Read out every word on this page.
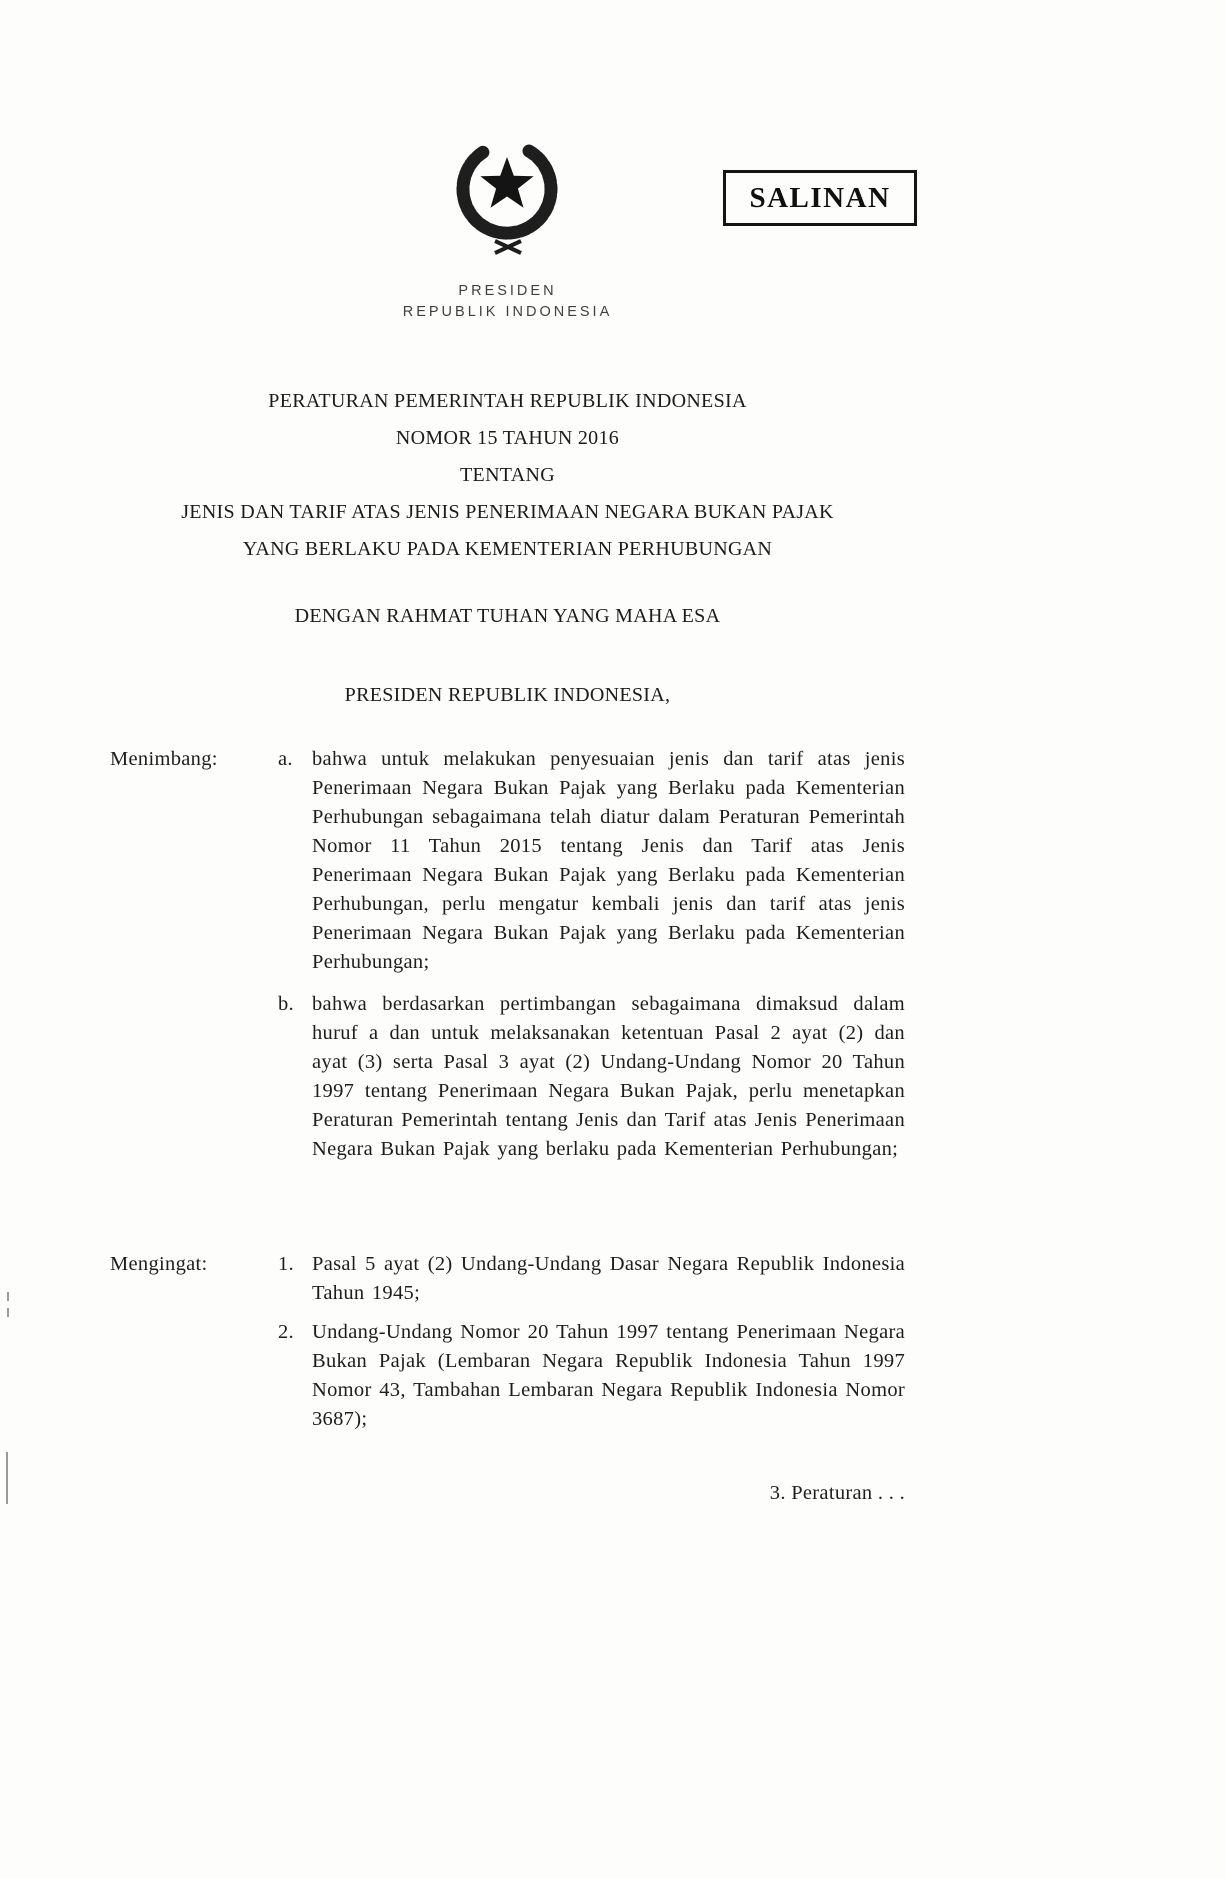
SALINAN
PRESIDEN
REPUBLIK INDONESIA
PERATURAN PEMERINTAH REPUBLIK INDONESIA
NOMOR 15 TAHUN 2016
TENTANG
JENIS DAN TARIF ATAS JENIS PENERIMAAN NEGARA BUKAN PAJAK
YANG BERLAKU PADA KEMENTERIAN PERHUBUNGAN
DENGAN RAHMAT TUHAN YANG MAHA ESA
PRESIDEN REPUBLIK INDONESIA,
Menimbang:	a. bahwa untuk melakukan penyesuaian jenis dan tarif atas jenis Penerimaan Negara Bukan Pajak yang Berlaku pada Kementerian Perhubungan sebagaimana telah diatur dalam Peraturan Pemerintah Nomor 11 Tahun 2015 tentang Jenis dan Tarif atas Jenis Penerimaan Negara Bukan Pajak yang Berlaku pada Kementerian Perhubungan, perlu mengatur kembali jenis dan tarif atas jenis Penerimaan Negara Bukan Pajak yang Berlaku pada Kementerian Perhubungan;
b. bahwa berdasarkan pertimbangan sebagaimana dimaksud dalam huruf a dan untuk melaksanakan ketentuan Pasal 2 ayat (2) dan ayat (3) serta Pasal 3 ayat (2) Undang-Undang Nomor 20 Tahun 1997 tentang Penerimaan Negara Bukan Pajak, perlu menetapkan Peraturan Pemerintah tentang Jenis dan Tarif atas Jenis Penerimaan Negara Bukan Pajak yang berlaku pada Kementerian Perhubungan;
Mengingat:	1. Pasal 5 ayat (2) Undang-Undang Dasar Negara Republik Indonesia Tahun 1945;
2. Undang-Undang Nomor 20 Tahun 1997 tentang Penerimaan Negara Bukan Pajak (Lembaran Negara Republik Indonesia Tahun 1997 Nomor 43, Tambahan Lembaran Negara Republik Indonesia Nomor 3687);
3. Peraturan . . .
